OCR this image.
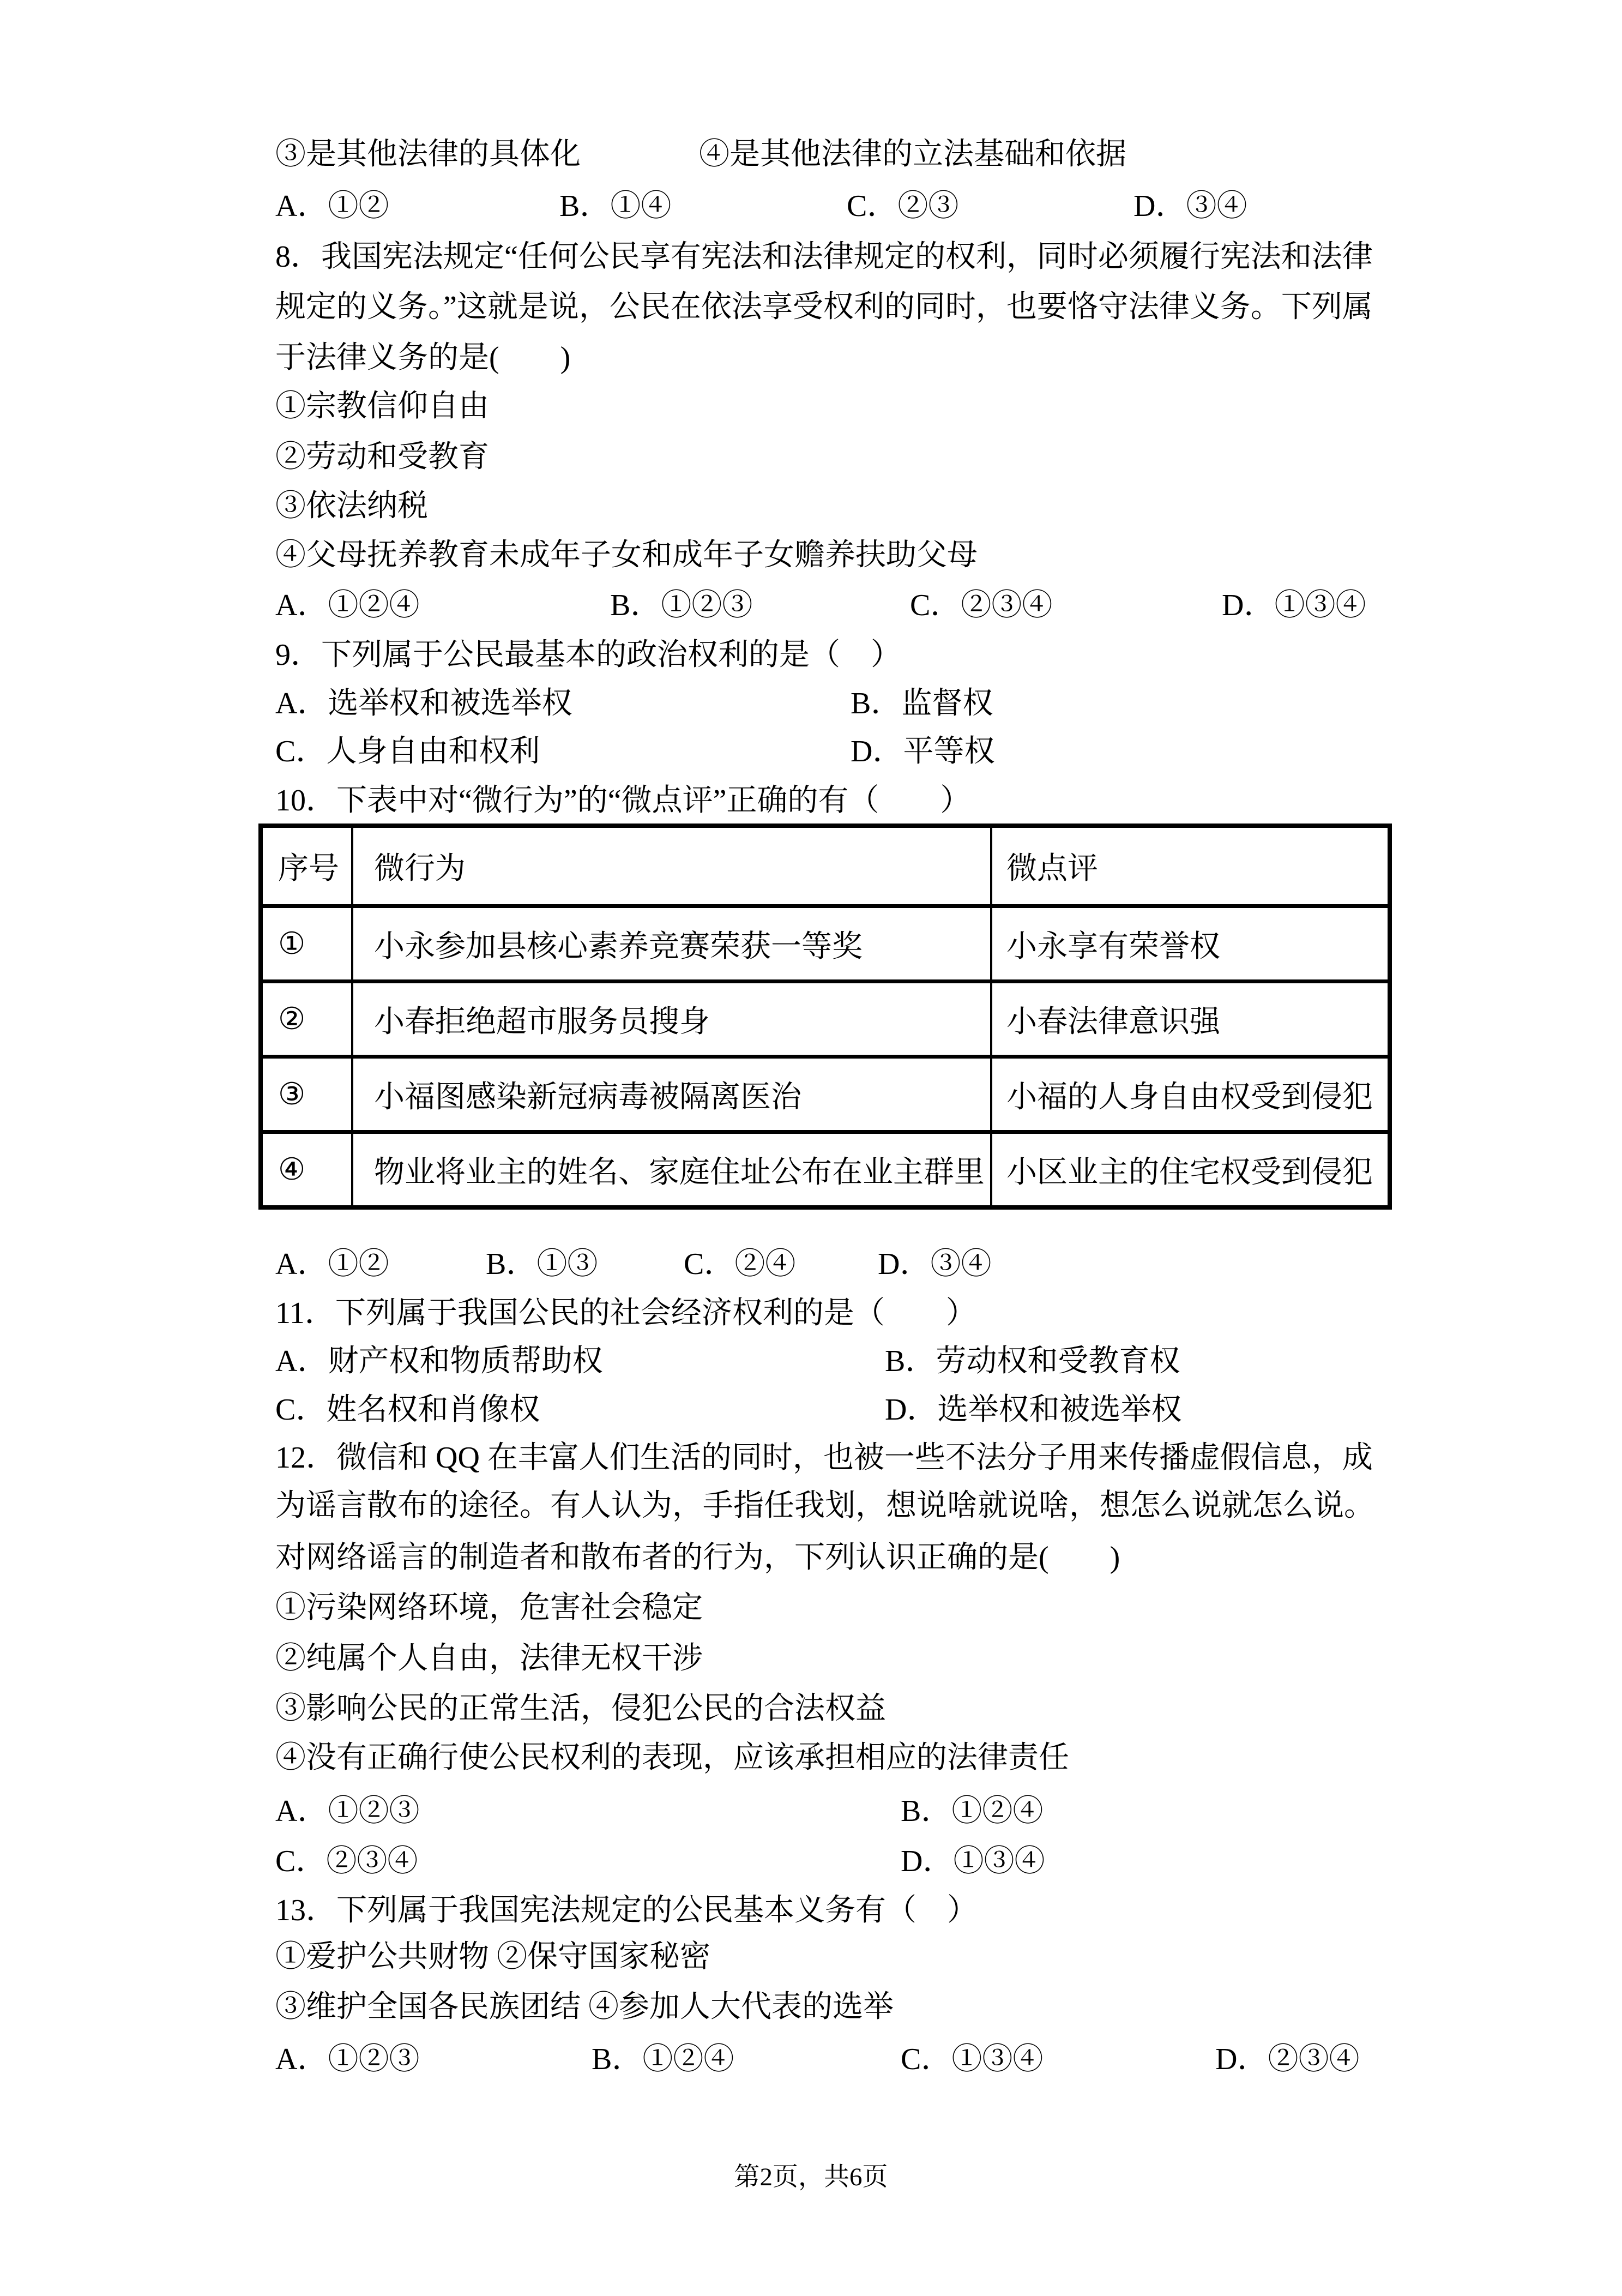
③是其他法律的具体化	④是其他法律的立法基础和依据
A．①②	B．①④	C．②③	D．③④
8．我国宪法规定“任何公民享有宪法和法律规定的权利，同时必须履行宪法和法律
规定的义务。”这就是说，公民在依法享受权利的同时，也要恪守法律义务。下列属
于法律义务的是(　　)
①宗教信仰自由
②劳动和受教育
③依法纳税
④父母抚养教育未成年子女和成年子女赡养扶助父母
A．①②④	B．①②③	C．②③④	D．①③④
9．下列属于公民最基本的政治权利的是（　）
A．选举权和被选举权	B．监督权
C．人身自由和权利	D．平等权
10．下表中对“微行为”的“微点评”正确的有（　　）
序号	微行为	微点评
①	小永参加县核心素养竞赛荣获一等奖	小永享有荣誉权
②	小春拒绝超市服务员搜身	小春法律意识强
③	小福图感染新冠病毒被隔离医治	小福的人身自由权受到侵犯
④	物业将业主的姓名、家庭住址公布在业主群里	小区业主的住宅权受到侵犯
A．①②	B．①③	C．②④	D．③④
11．下列属于我国公民的社会经济权利的是（　　）
A．财产权和物质帮助权	B．劳动权和受教育权
C．姓名权和肖像权	D．选举权和被选举权
12．微信和 QQ 在丰富人们生活的同时，也被一些不法分子用来传播虚假信息，成
为谣言散布的途径。有人认为，手指任我划，想说啥就说啥，想怎么说就怎么说。
对网络谣言的制造者和散布者的行为，下列认识正确的是(　　)
①污染网络环境，危害社会稳定
②纯属个人自由，法律无权干涉
③影响公民的正常生活，侵犯公民的合法权益
④没有正确行使公民权利的表现，应该承担相应的法律责任
A．①②③	B．①②④
C．②③④	D．①③④
13．下列属于我国宪法规定的公民基本义务有（　）
①爱护公共财物 ②保守国家秘密
③维护全国各民族团结 ④参加人大代表的选举
A．①②③	B．①②④	C．①③④	D．②③④
第2页，共6页
